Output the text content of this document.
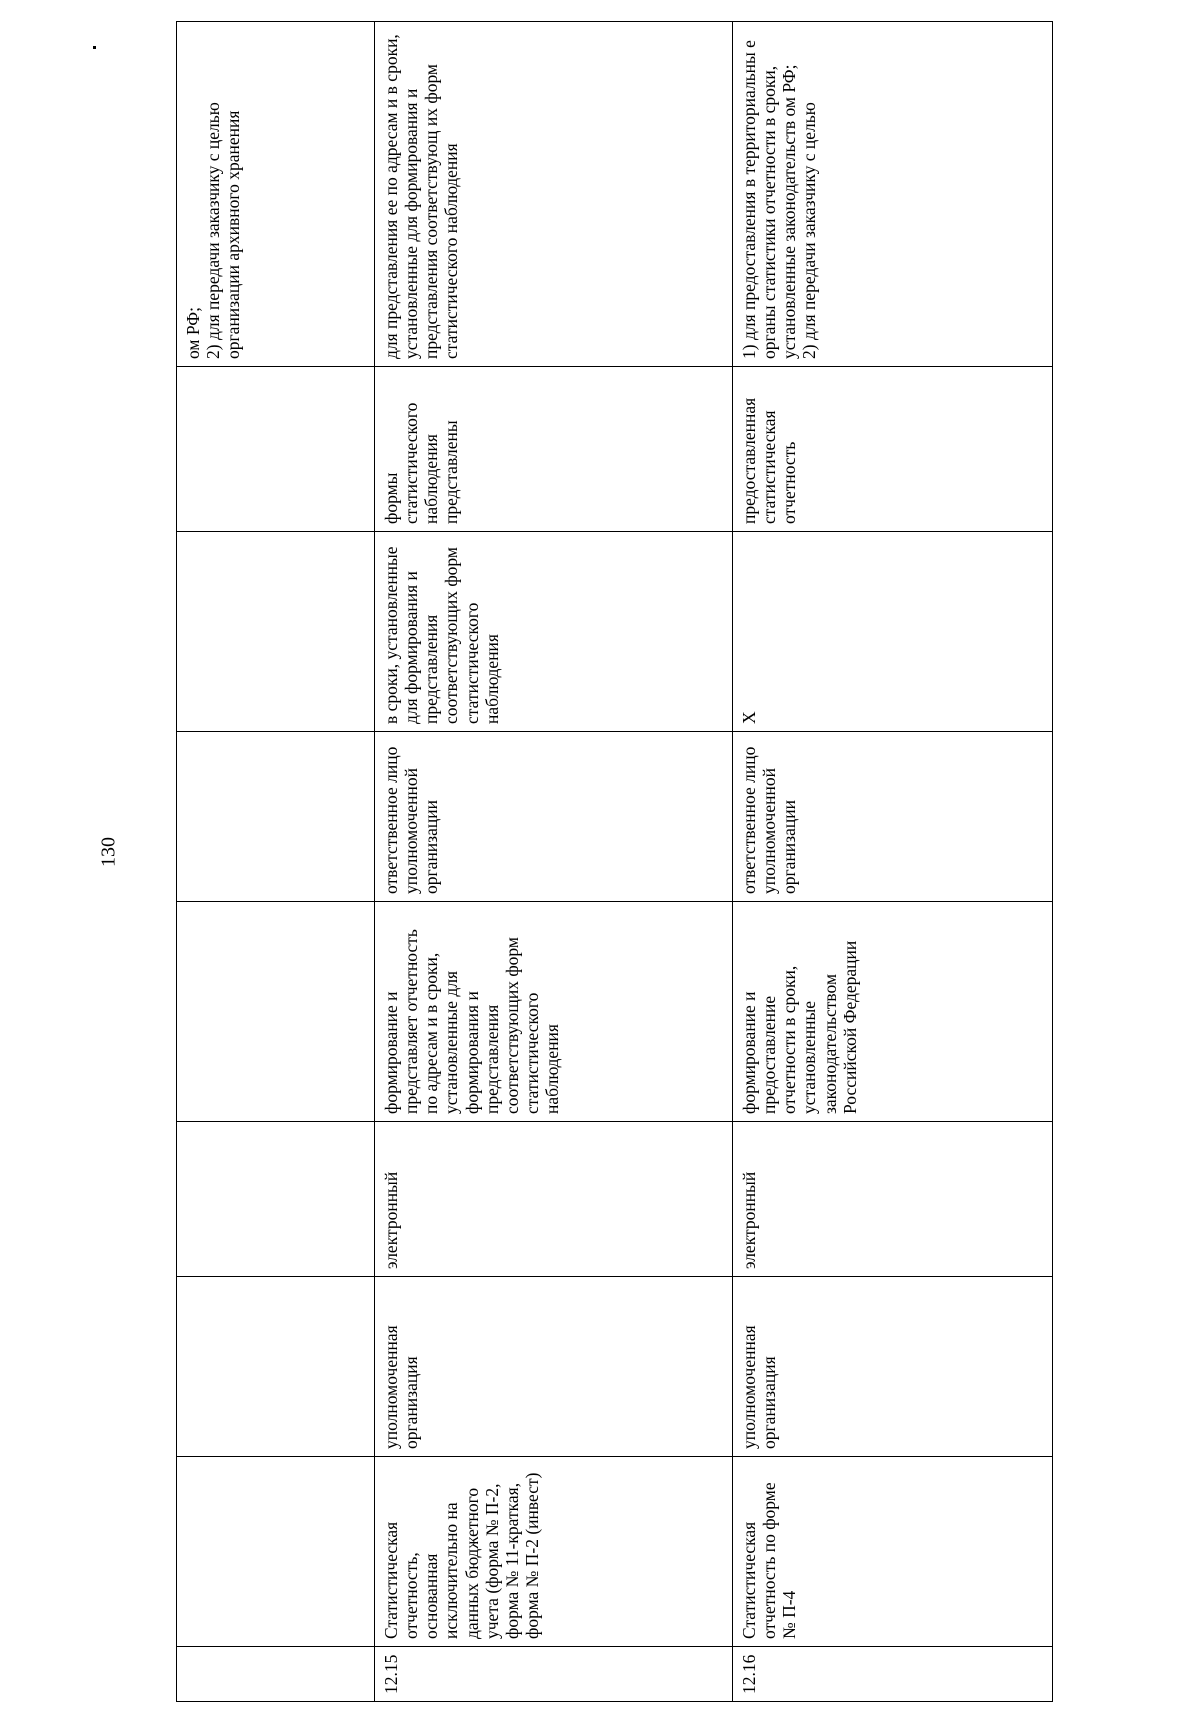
130
								ом РФ;
2) для передачи заказчику с целью организации архивного хранения
12.15	Статистическая отчетность, основанная исключительно на данных бюджетного учета (форма № П-2, форма № 11-краткая, форма № П-2 (инвест)	уполномоченная организация	электронный	формирование и представляет отчетность по адресам и в сроки, установленные для формирования и представления соответствующих форм статистического наблюдения	ответственное лицо уполномоченной организации	в сроки, установленные для формирования и представления соответствующих форм статистического наблюдения	формы статистического наблюдения представлены	для представления ее по адресам и в сроки, установленные для формирования и представления соответствующ их форм статистического наблюдения
12.16	Статистическая отчетность по форме № П-4	уполномоченная организация	электронный	формирование и предоставление отчетности в сроки, установленные законодательством Российской Федерации	ответственное лицо уполномоченной организации	Х	предоставленная статистическая отчетность	1) для предоставления в территориальны е органы статистики отчетности в сроки, установленные законодательств ом РФ;
2) для передачи заказчику с целью
